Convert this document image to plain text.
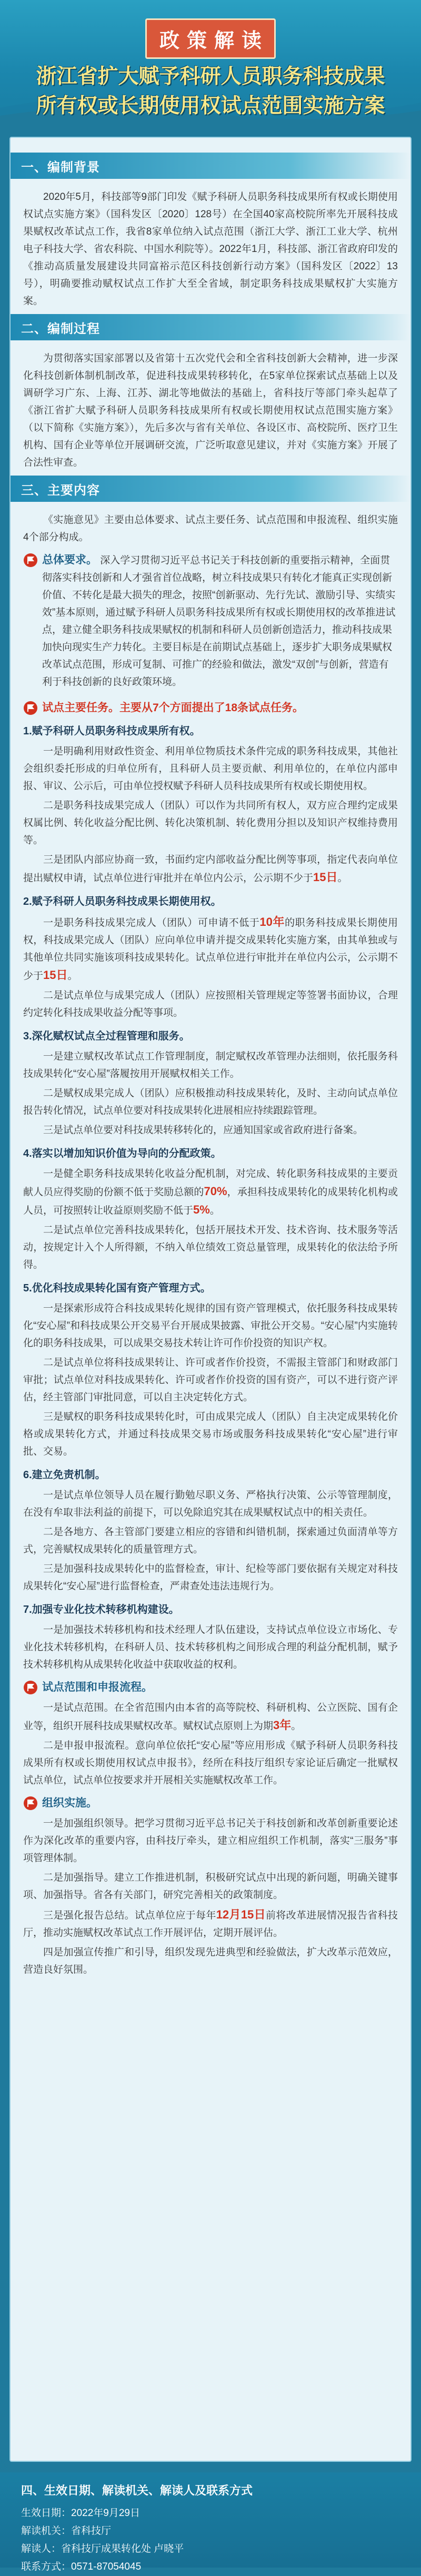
政策解读
浙江省扩大赋予科研人员职务科技成果
所有权或长期使用权试点范围实施方案
一、编制背景

2020年5月，科技部等9部门印发《赋予科研人员职务科技成果所有权或长期使用权试点实施方案》（国科发区〔2020〕128号）在全国40家高校院所率先开展科技成果赋权改革试点工作，我省8家单位纳入试点范围（浙江大学、浙江工业大学、杭州电子科技大学、省农科院、中国水利院等）。2022年1月，科技部、浙江省政府印发的《推动高质量发展建设共同富裕示范区科技创新行动方案》（国科发区〔2022〕13号），明确要推动赋权试点工作扩大至全省域，制定职务科技成果赋权扩大实施方案。

二、编制过程

为贯彻落实国家部署以及省第十五次党代会和全省科技创新大会精神，进一步深化科技创新体制机制改革，促进科技成果转移转化，在5家单位探索试点基础上以及调研学习广东、上海、江苏、湖北等地做法的基础上，省科技厅等部门牵头起草了《浙江省扩大赋予科研人员职务科技成果所有权或长期使用权试点范围实施方案》（以下简称《实施方案》），先后多次与省有关单位、各设区市、高校院所、医疗卫生机构、国有企业等单位开展调研交流，广泛听取意见建议，并对《实施方案》开展了合法性审查。

三、主要内容

《实施意见》主要由总体要求、试点主要任务、试点范围和申报流程、组织实施4个部分构成。

总体要求。 深入学习贯彻习近平总书记关于科技创新的重要指示精神，全面贯彻落实科技创新和人才强省首位战略，树立科技成果只有转化才能真正实现创新价值、不转化是最大损失的理念，按照“创新驱动、先行先试、激励引导、实绩实效”基本原则，通过赋予科研人员职务科技成果所有权或长期使用权的改革推进试点，建立健全职务科技成果赋权的机制和科研人员创新创造活力，推动科技成果加快向现实生产力转化。主要目标是在前期试点基础上，逐步扩大职务成果赋权改革试点范围，形成可复制、可推广的经验和做法，激发“双创”与创新，营造有利于科技创新的良好政策环境。

试点主要任务。主要从7个方面提出了18条试点任务。
1.赋予科研人员职务科技成果所有权。

一是明确利用财政性资金、利用单位物质技术条件完成的职务科技成果，其他社会组织委托形成的归单位所有，且科研人员主要贡献、利用单位的，在单位内部申报、审议、公示后，可由单位授权赋予科研人员科技成果所有权或长期使用权。

二是职务科技成果完成人（团队）可以作为共同所有权人，双方应合理约定成果权属比例、转化收益分配比例、转化决策机制、转化费用分担以及知识产权维持费用等。

三是团队内部应协商一致，书面约定内部收益分配比例等事项，指定代表向单位提出赋权申请，试点单位进行审批并在单位内公示，公示期不少于15日。

2.赋予科研人员职务科技成果长期使用权。

一是职务科技成果完成人（团队）可申请不低于10年的职务科技成果长期使用权，科技成果完成人（团队）应向单位申请并提交成果转化实施方案，由其单独或与其他单位共同实施该项科技成果转化。试点单位进行审批并在单位内公示，公示期不少于15日。

二是试点单位与成果完成人（团队）应按照相关管理规定等签署书面协议，合理约定转化科技成果收益分配等事项。

3.深化赋权试点全过程管理和服务。

一是建立赋权改革试点工作管理制度，制定赋权改革管理办法细则，依托服务科技成果转化“安心屋”落履按用开展赋权相关工作。

二是赋权成果完成人（团队）应积极推动科技成果转化，及时、主动向试点单位报告转化情况，试点单位要对科技成果转化进展相应持续跟踪管理。

三是试点单位要对科技成果转移转化的，应通知国家或省政府进行备案。

4.落实以增加知识价值为导向的分配政策。

一是健全职务科技成果转化收益分配机制，对完成、转化职务科技成果的主要贡献人员应得奖励的份额不低于奖励总额的70%，承担科技成果转化的成果转化机构或人员，可按照转让收益原则奖励不低于5%。

二是试点单位完善科技成果转化，包括开展技术开发、技术咨询、技术服务等活动，按规定计入个人所得额，不纳入单位绩效工资总量管理，成果转化的依法给予所得。

5.优化科技成果转化国有资产管理方式。

一是探索形成符合科技成果转化规律的国有资产管理模式，依托服务科技成果转化“安心屋”和科技成果公开交易平台开展成果披露、审批公开交易。“安心屋”内实施转化的职务科技成果，可以成果交易技术转让许可作价投资的知识产权。

二是试点单位将科技成果转让、许可或者作价投资，不需报主管部门和财政部门审批；试点单位对科技成果转化、许可或者作价投资的国有资产，可以不进行资产评估，经主管部门审批同意，可以自主决定转化方式。

三是赋权的职务科技成果转化时，可由成果完成人（团队）自主决定成果转化价格或成果转化方式，并通过科技成果交易市场或服务科技成果转化“安心屋”进行审批、交易。

6.建立免责机制。

一是试点单位领导人员在履行勤勉尽职义务、严格执行决策、公示等管理制度，在没有牟取非法利益的前提下，可以免除追究其在成果赋权试点中的相关责任。

二是各地方、各主管部门要建立相应的容错和纠错机制，探索通过负面清单等方式，完善赋权成果转化的质量管理方式。

三是加强科技成果转化中的监督检查，审计、纪检等部门要依据有关规定对科技成果转化“安心屋”进行监督检查，严肃查处违法违规行为。

7.加强专业化技术转移机构建设。

一是加强技术转移机构和技术经理人才队伍建设，支持试点单位设立市场化、专业化技术转移机构，在科研人员、技术转移机构之间形成合理的利益分配机制，赋予技术转移机构从成果转化收益中获取收益的权利。

试点范围和申报流程。

一是试点范围。在全省范围内由本省的高等院校、科研机构、公立医院、国有企业等，组织开展科技成果赋权改革。赋权试点原则上为期3年。

二是申报申报流程。意向单位依托“安心屋”等应用形成《赋予科研人员职务科技成果所有权或长期使用权试点申报书》，经所在科技厅组织专家论证后确定一批赋权试点单位，试点单位按要求并开展相关实施赋权改革工作。

组织实施。

一是加强组织领导。把学习贯彻习近平总书记关于科技创新和改革创新重要论述作为深化改革的重要内容，由科技厅牵头，建立相应组织工作机制，落实“三服务”事项管理体制。

二是加强指导。建立工作推进机制，积极研究试点中出现的新问题，明确关键事项、加强指导。省各有关部门，研究完善相关的政策制度。

三是强化报告总结。试点单位应于每年12月15日前将改革进展情况报告省科技厅，推动实施赋权改革试点工作开展评估，定期开展评估。

四是加强宣传推广和引导，组织发现先进典型和经验做法，扩大改革示范效应，营造良好氛围。

四、生效日期、解读机关、解读人及联系方式
生效日期：2022年9月29日
解读机关：省科技厅
解读人：省科技厅成果转化处 卢晓平
联系方式：0571-87054045
